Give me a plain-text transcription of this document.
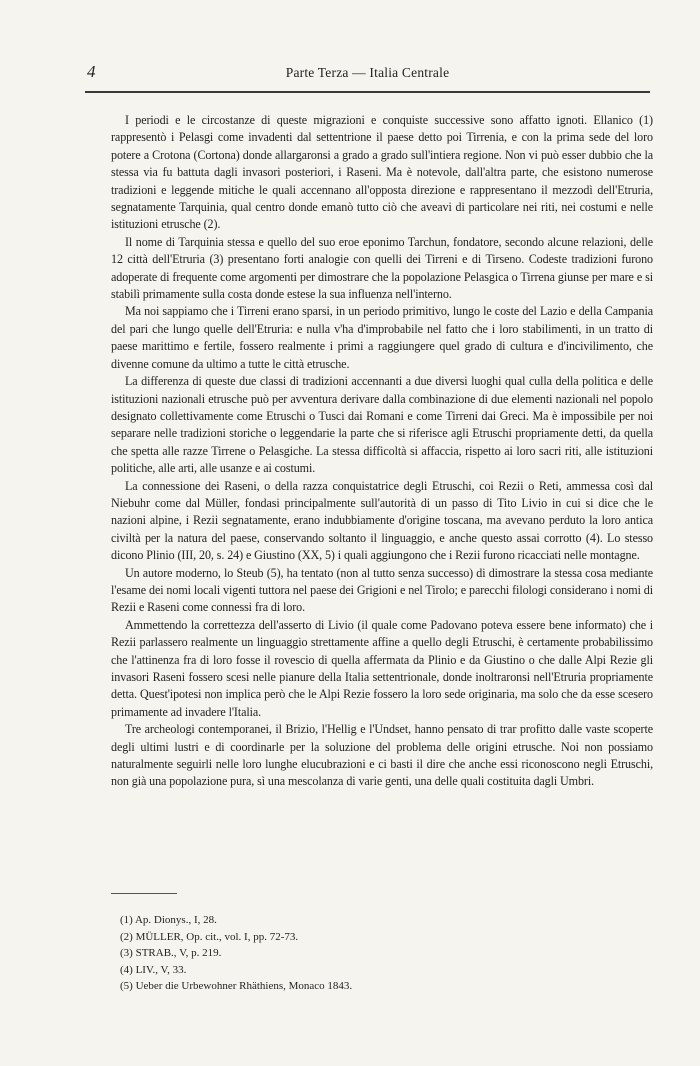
4	Parte Terza — Italia Centrale

I periodi e le circostanze di queste migrazioni e conquiste successive sono affatto ignoti. Ellanico (1) rappresentò i Pelasgi come invadenti dal settentrione il paese detto poi Tirrenia, e con la prima sede del loro potere a Crotona (Cortona) donde allargaronsi a grado a grado sull'intiera regione. Non vi può esser dubbio che la stessa via fu battuta dagli invasori posteriori, i Raseni. Ma è notevole, dall'altra parte, che esistono numerose tradizioni e leggende mitiche le quali accennano all'opposta direzione e rappresentano il mezzodì dell'Etruria, segnatamente Tarquinia, qual centro donde emanò tutto ciò che aveavi di particolare nei riti, nei costumi e nelle istituzioni etrusche (2).

Il nome di Tarquinia stessa e quello del suo eroe eponimo Tarchun, fondatore, secondo alcune relazioni, delle 12 città dell'Etruria (3) presentano forti analogie con quelli dei Tirreni e di Tirseno. Codeste tradizioni furono adoperate di frequente come argomenti per dimostrare che la popolazione Pelasgica o Tirrena giunse per mare e si stabilì primamente sulla costa donde estese la sua influenza nell'interno.

Ma noi sappiamo che i Tirreni erano sparsi, in un periodo primitivo, lungo le coste del Lazio e della Campania del pari che lungo quelle dell'Etruria: e nulla v'ha d'improbabile nel fatto che i loro stabilimenti, in un tratto di paese marittimo e fertile, fossero realmente i primi a raggiungere quel grado di cultura e d'incivilimento, che divenne comune da ultimo a tutte le città etrusche.

La differenza di queste due classi di tradizioni accennanti a due diversi luoghi qual culla della politica e delle istituzioni nazionali etrusche può per avventura derivare dalla combinazione di due elementi nazionali nel popolo designato collettivamente come Etruschi o Tusci dai Romani e come Tirreni dai Greci. Ma è impossibile per noi separare nelle tradizioni storiche o leggendarie la parte che si riferisce agli Etruschi propriamente detti, da quella che spetta alle razze Tirrene o Pelasgiche. La stessa difficoltà si affaccia, rispetto ai loro sacri riti, alle istituzioni politiche, alle arti, alle usanze e ai costumi.

La connessione dei Raseni, o della razza conquistatrice degli Etruschi, coi Rezii o Reti, ammessa così dal Niebuhr come dal Müller, fondasi principalmente sull'autorità di un passo di Tito Livio in cui si dice che le nazioni alpine, i Rezii segnatamente, erano indubbiamente d'origine toscana, ma avevano perduto la loro antica civiltà per la natura del paese, conservando soltanto il linguaggio, e anche questo assai corrotto (4). Lo stesso dicono Plinio (III, 20, s. 24) e Giustino (XX, 5) i quali aggiungono che i Rezii furono ricacciati nelle montagne.

Un autore moderno, lo Steub (5), ha tentato (non al tutto senza successo) di dimostrare la stessa cosa mediante l'esame dei nomi locali vigenti tuttora nel paese dei Grigioni e nel Tirolo; e parecchi filologi considerano i nomi di Rezii e Raseni come connessi fra di loro.

Ammettendo la correttezza dell'asserto di Livio (il quale come Padovano poteva essere bene informato) che i Rezii parlassero realmente un linguaggio strettamente affine a quello degli Etruschi, è certamente probabilissimo che l'attinenza fra di loro fosse il rovescio di quella affermata da Plinio e da Giustino o che dalle Alpi Rezie gli invasori Raseni fossero scesi nelle pianure della Italia settentrionale, donde inoltraronsi nell'Etruria propriamente detta. Quest'ipotesi non implica però che le Alpi Rezie fossero la loro sede originaria, ma solo che da esse scesero primamente ad invadere l'Italia.

Tre archeologi contemporanei, il Brizio, l'Hellig e l'Undset, hanno pensato di trar profitto dalle vaste scoperte degli ultimi lustri e di coordinarle per la soluzione del problema delle origini etrusche. Noi non possiamo naturalmente seguirli nelle loro lunghe elucubrazioni e ci basti il dire che anche essi riconoscono negli Etruschi, non già una popolazione pura, sì una mescolanza di varie genti, una delle quali costituita dagli Umbri.

(1) Ap. Dionys., I, 28.
(2) MÜLLER, Op. cit., vol. I, pp. 72-73.
(3) STRAB., V, p. 219.
(4) LIV., V, 33.
(5) Ueber die Urbewohner Rhäthiens, Monaco 1843.
